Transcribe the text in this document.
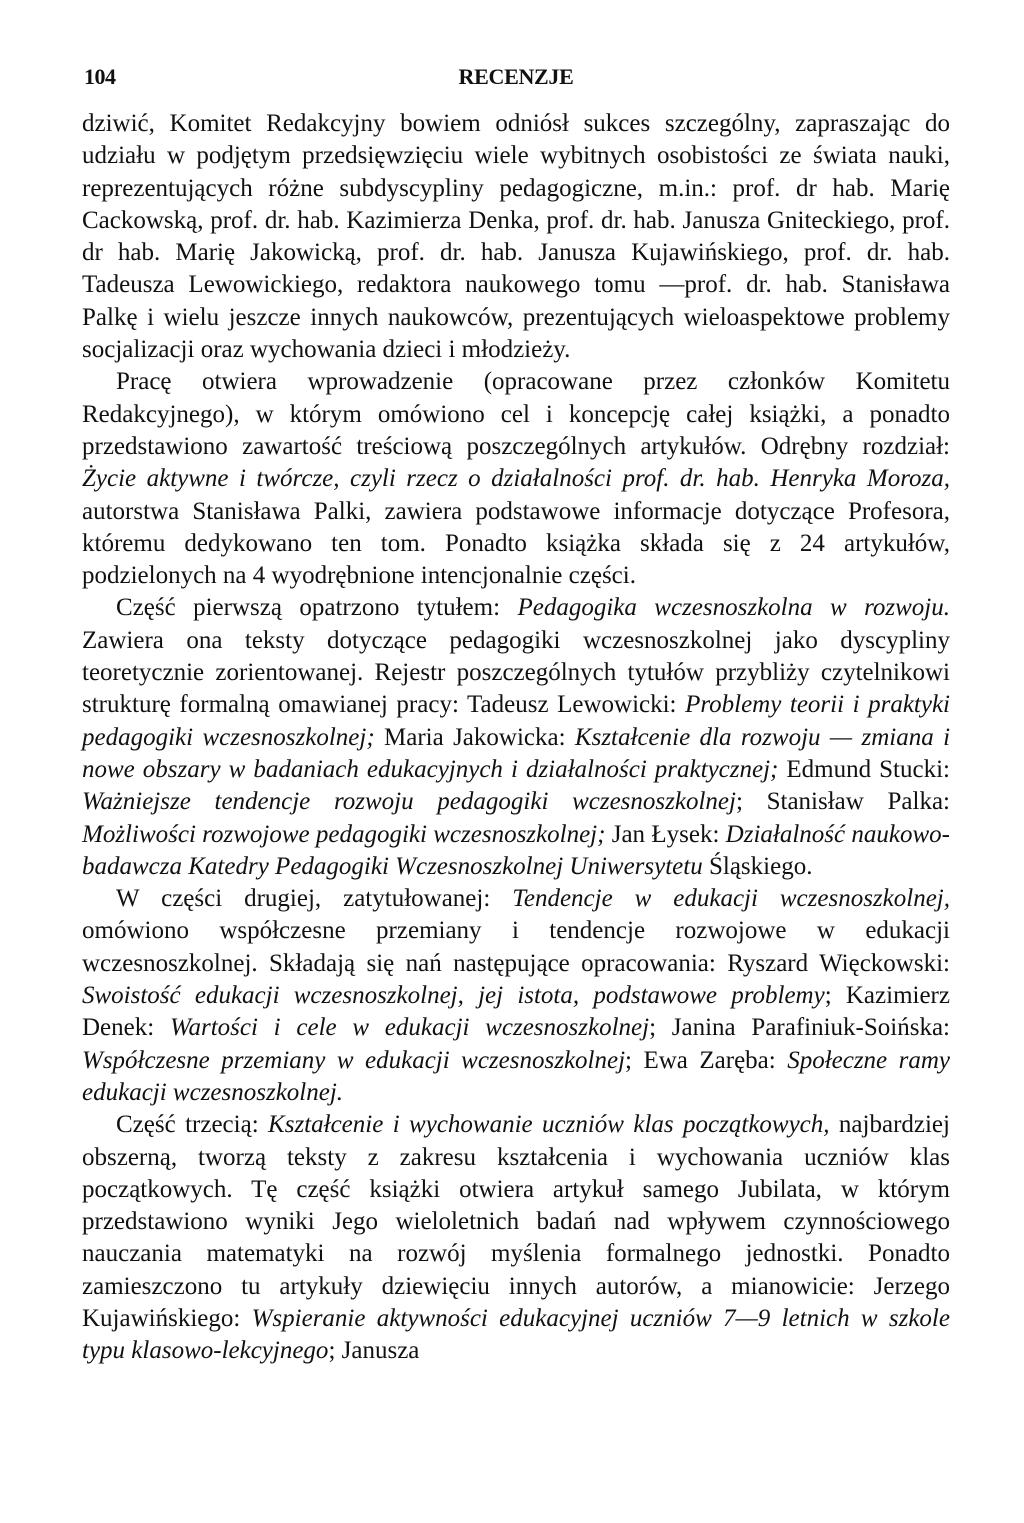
104	RECENZJE

dziwić, Komitet Redakcyjny bowiem odniósł sukces szczególny, zapraszając do udziału w podjętym przedsięwzięciu wiele wybitnych osobistości ze świata nauki, reprezentujących różne subdyscypliny pedagogiczne, m.in.: prof. dr hab. Marię Cackowską, prof. dr. hab. Kazimierza Denka, prof. dr. hab. Janusza Gniteckiego, prof. dr hab. Marię Jakowicką, prof. dr. hab. Janusza Kujawińskiego, prof. dr. hab. Tadeusza Lewowickiego, redaktora naukowego tomu —prof. dr. hab. Stanisława Palkę i wielu jeszcze innych naukowców, prezentujących wieloaspektowe problemy socjalizacji oraz wychowania dzieci i młodzieży.

Pracę otwiera wprowadzenie (opracowane przez członków Komitetu Redakcyjnego), w którym omówiono cel i koncepcję całej książki, a ponadto przedstawiono zawartość treściową poszczególnych artykułów. Odrębny rozdział: Życie aktywne i twórcze, czyli rzecz o działalności prof. dr. hab. Henryka Moroza, autorstwa Stanisława Palki, zawiera podstawowe informacje dotyczące Profesora, któremu dedykowano ten tom. Ponadto książka składa się z 24 artykułów, podzielonych na 4 wyodrębnione intencjonalnie części.

Część pierwszą opatrzono tytułem: Pedagogika wczesnoszkolna w rozwoju. Zawiera ona teksty dotyczące pedagogiki wczesnoszkolnej jako dyscypliny teoretycznie zorientowanej. Rejestr poszczególnych tytułów przybliży czytelnikowi strukturę formalną omawianej pracy: Tadeusz Lewowicki: Problemy teorii i praktyki pedagogiki wczesnoszkolnej; Maria Jakowicka: Kształcenie dla rozwoju — zmiana i nowe obszary w badaniach edukacyjnych i działalności praktycznej; Edmund Stucki: Ważniejsze tendencje rozwoju pedagogiki wczesnoszkolnej; Stanisław Palka: Możliwości rozwojowe pedagogiki wczesnoszkolnej; Jan Łysek: Działalność naukowo-badawcza Katedry Pedagogiki Wczesnoszkolnej Uniwersytetu Śląskiego.

W części drugiej, zatytułowanej: Tendencje w edukacji wczesnoszkolnej, omówiono współczesne przemiany i tendencje rozwojowe w edukacji wczesnoszkolnej. Składają się nań następujące opracowania: Ryszard Więckowski: Swoistość edukacji wczesnoszkolnej, jej istota, podstawowe problemy; Kazimierz Denek: Wartości i cele w edukacji wczesnoszkolnej; Janina Parafiniuk-Soińska: Współczesne przemiany w edukacji wczesnoszkolnej; Ewa Zaręba: Społeczne ramy edukacji wczesnoszkolnej.

Część trzecią: Kształcenie i wychowanie uczniów klas początkowych, najbardziej obszerną, tworzą teksty z zakresu kształcenia i wychowania uczniów klas początkowych. Tę część książki otwiera artykuł samego Jubilata, w którym przedstawiono wyniki Jego wieloletnich badań nad wpływem czynnościowego nauczania matematyki na rozwój myślenia formalnego jednostki. Ponadto zamieszczono tu artykuły dziewięciu innych autorów, a mianowicie: Jerzego Kujawińskiego: Wspieranie aktywności edukacyjnej uczniów 7—9 letnich w szkole typu klasowo-lekcyjnego; Janusza
